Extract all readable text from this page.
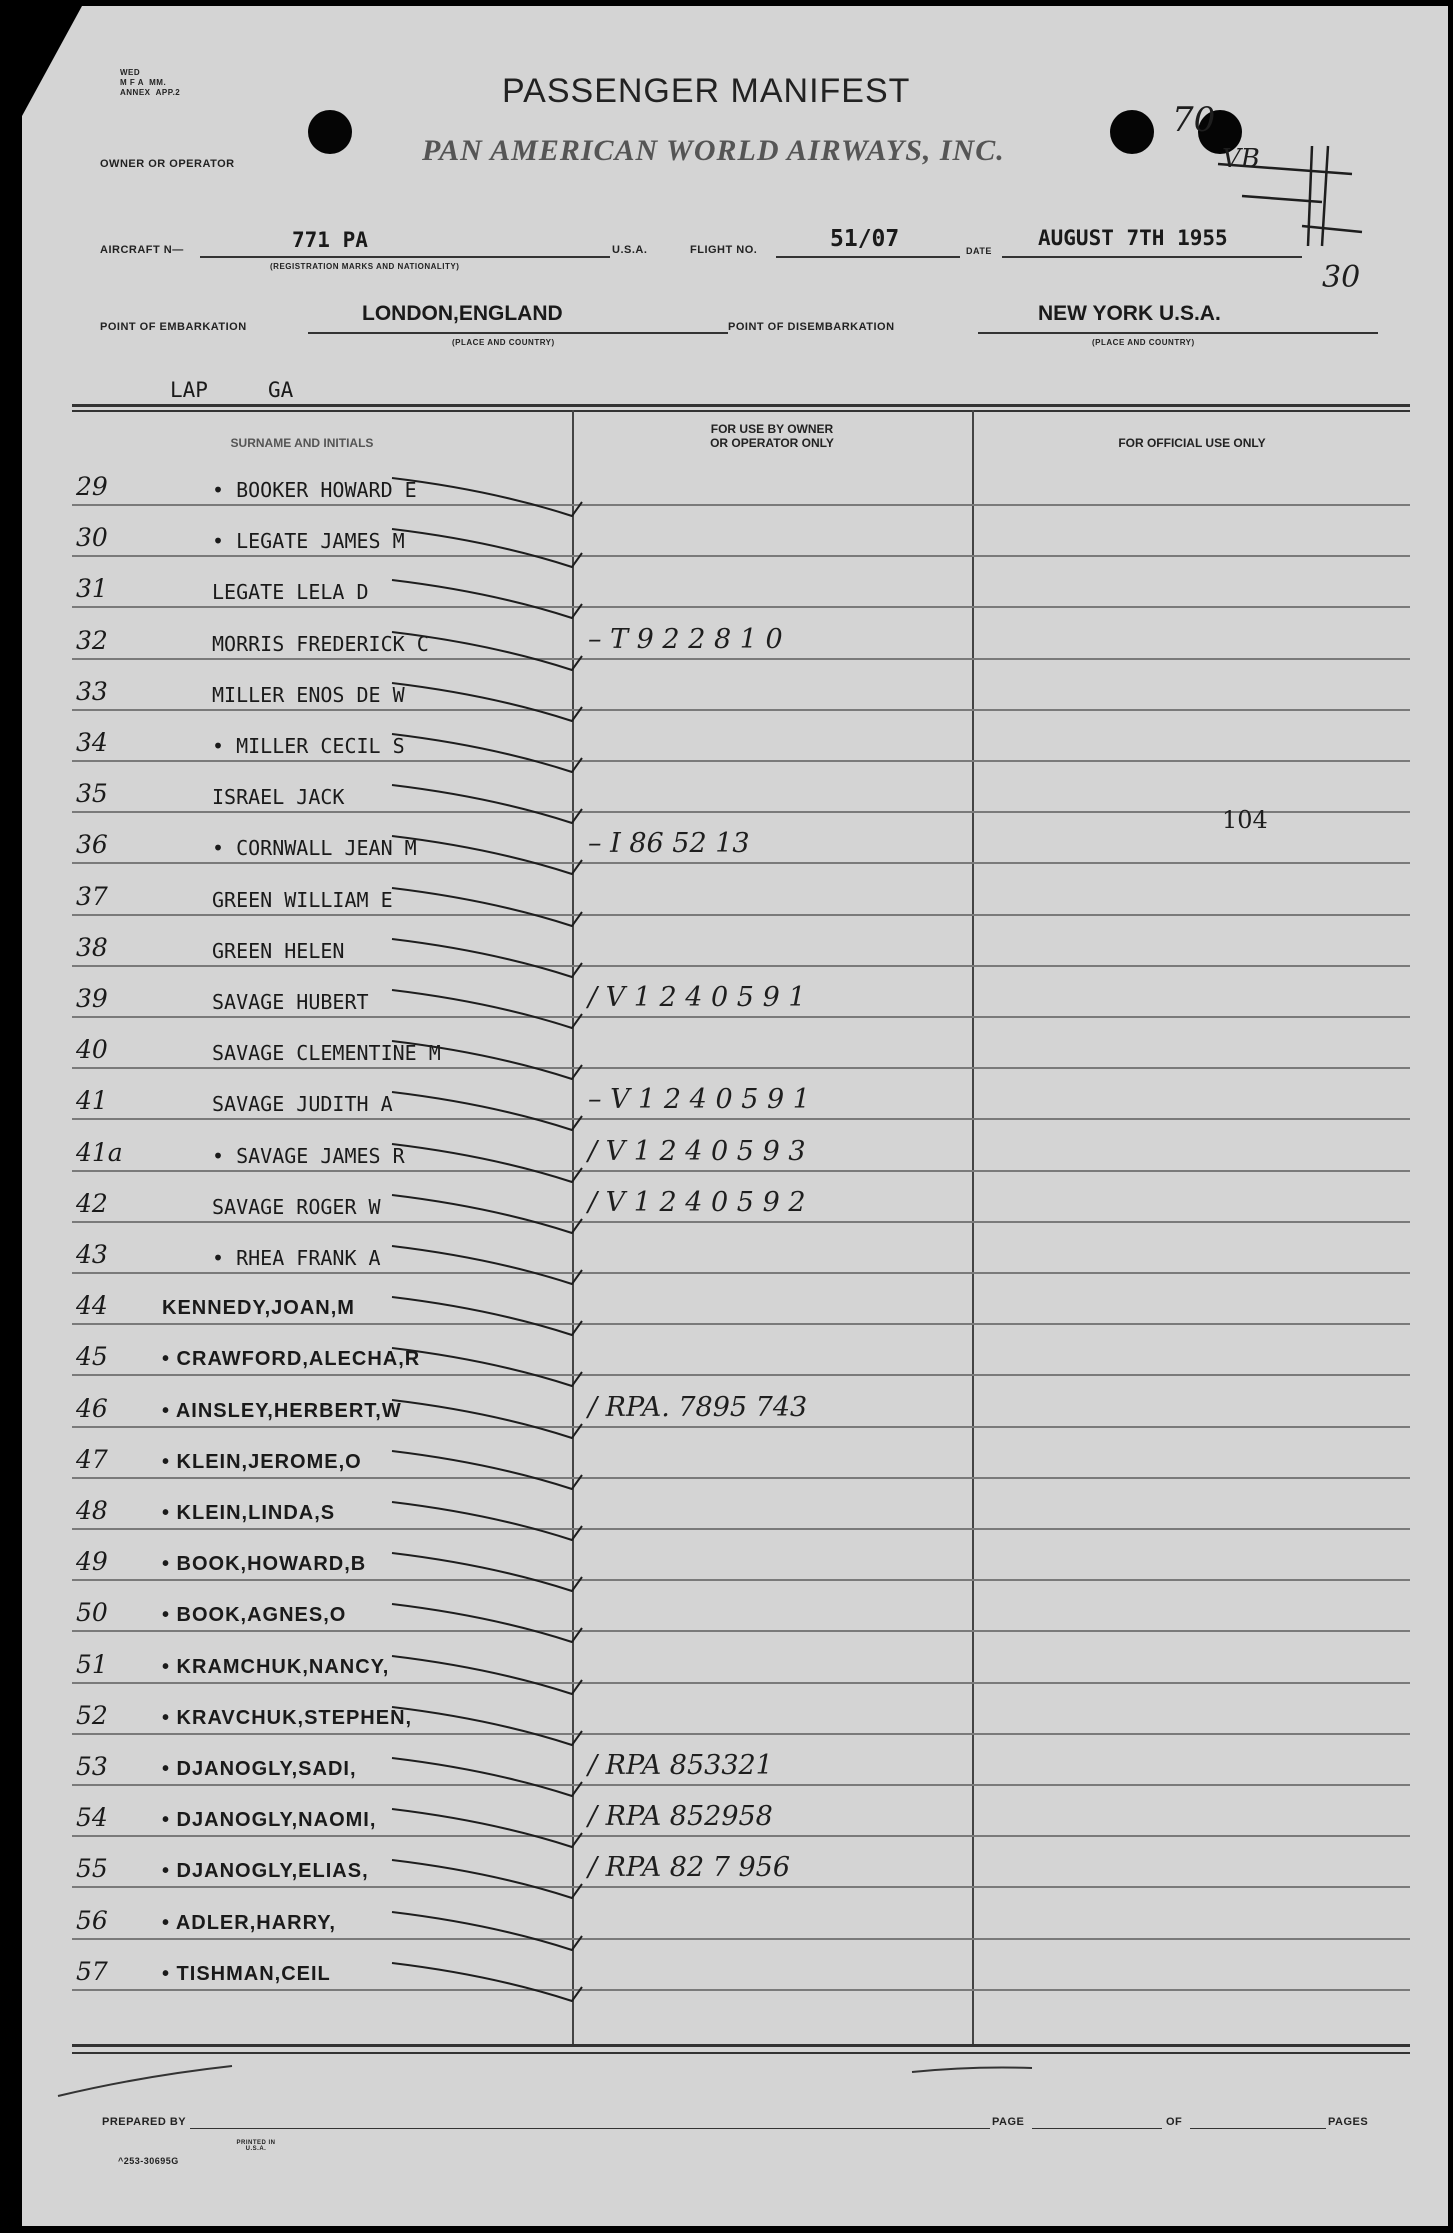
WED
M F A  MM.
ANNEX  APP.2	PASSENGER MANIFEST
OWNER OR OPERATOR	PAN AMERICAN WORLD AIRWAYS, INC.
AIRCRAFT N—	771 PA
(REGISTRATION MARKS AND NATIONALITY)
U.S.A.	FLIGHT NO.	51/07	DATE
AUGUST 7TH 1955
POINT OF EMBARKATION
LONDON,ENGLAND
(PLACE AND COUNTRY)
POINT OF DISEMBARKATION
NEW YORK U.S.A.
(PLACE AND COUNTRY)
LAP	GA
70
VB
30
SURNAME AND INITIALS
FOR USE BY OWNER
OR OPERATOR ONLY	FOR OFFICIAL USE ONLY
29	• BOOKER HOWARD E
30	• LEGATE JAMES M
31	LEGATE LELA D
32	MORRIS FREDERICK C	– T 9 2 2 8 1 0
33	MILLER ENOS DE W
34	• MILLER CECIL S
35	ISRAEL JACK
36	• CORNWALL JEAN M	– I 86 52 13
37	GREEN WILLIAM E
38	GREEN HELEN
39	SAVAGE HUBERT	/ V 1 2 4 0 5 9 1
40	SAVAGE CLEMENTINE M
41	SAVAGE JUDITH A	– V 1 2 4 0 5 9 1
41a	• SAVAGE JAMES R	/ V 1 2 4 0 5 9 3
42	SAVAGE ROGER W	/ V 1 2 4 0 5 9 2
43	• RHEA FRANK A
44	KENNEDY,JOAN,M
45	• CRAWFORD,ALECHA,R
46	• AINSLEY,HERBERT,W	/ RPA. 7895 743
47	• KLEIN,JEROME,O
48	• KLEIN,LINDA,S
49	• BOOK,HOWARD,B
50	• BOOK,AGNES,O
51	• KRAMCHUK,NANCY,
52	• KRAVCHUK,STEPHEN,
53	• DJANOGLY,SADI,	/ RPA 853321
54	• DJANOGLY,NAOMI,	/ RPA 852958
55	• DJANOGLY,ELIAS,	/ RPA 82 7 956
56	• ADLER,HARRY,
57	• TISHMAN,CEIL
104
PREPARED BY	PAGE	OF	PAGES
^253-30695G
PRINTED IN U.S.A.
